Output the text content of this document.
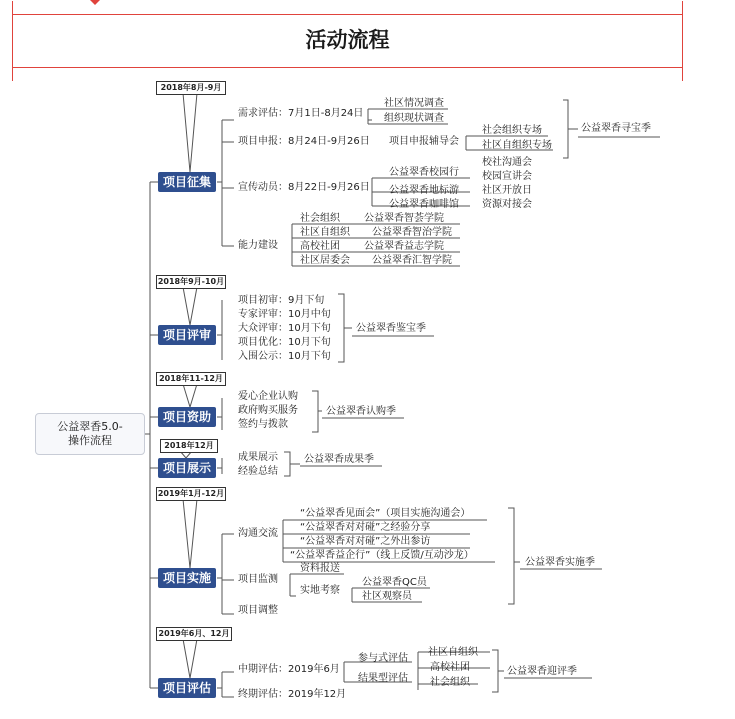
活动流程
公益翠香5.0-
操作流程
2018年8月-9月
项目征集
需求评估：7月1日-8月24日
社区情况调查
组织现状调查
项目申报：8月24日-9月26日 项目申报辅导会
社会组织专场
社区自组织专场
宣传动员：8月22日-9月26日
公益翠香校园行
校社沟通会
校园宣讲会
公益翠香地标游 社区开放日
公益翠香咖啡馆 资源对接会
能力建设
社会组织 公益翠香智荟学院
社区自组织 公益翠香智治学院
高校社团 公益翠香益志学院
社区居委会 公益翠香汇智学院
公益翠香寻宝季
2018年9月-10月
项目评审
项目初审：9月下旬
专家评审：10月中旬
大众评审：10月下旬
项目优化：10月下旬
入围公示：10月下旬
公益翠香鉴宝季
2018年11-12月
项目资助
爱心企业认购
政府购买服务
签约与拨款
公益翠香认购季
2018年12月
项目展示
成果展示
经验总结
公益翠香成果季
2019年1月-12月
项目实施
沟通交流
“公益翠香见面会”（项目实施沟通会）
“公益翠香对对碰”之经验分享
“公益翠香对对碰”之外出参访
“公益翠香益企行”（线上反馈/互动沙龙）
项目监测
资料报送
实地考察
公益翠香QC员
社区观察员
项目调整
公益翠香实施季
2019年6月、12月
项目评估
中期评估：2019年6月
终期评估：2019年12月
参与式评估
结果型评估
社区自组织
高校社团
社会组织
公益翠香迎评季
